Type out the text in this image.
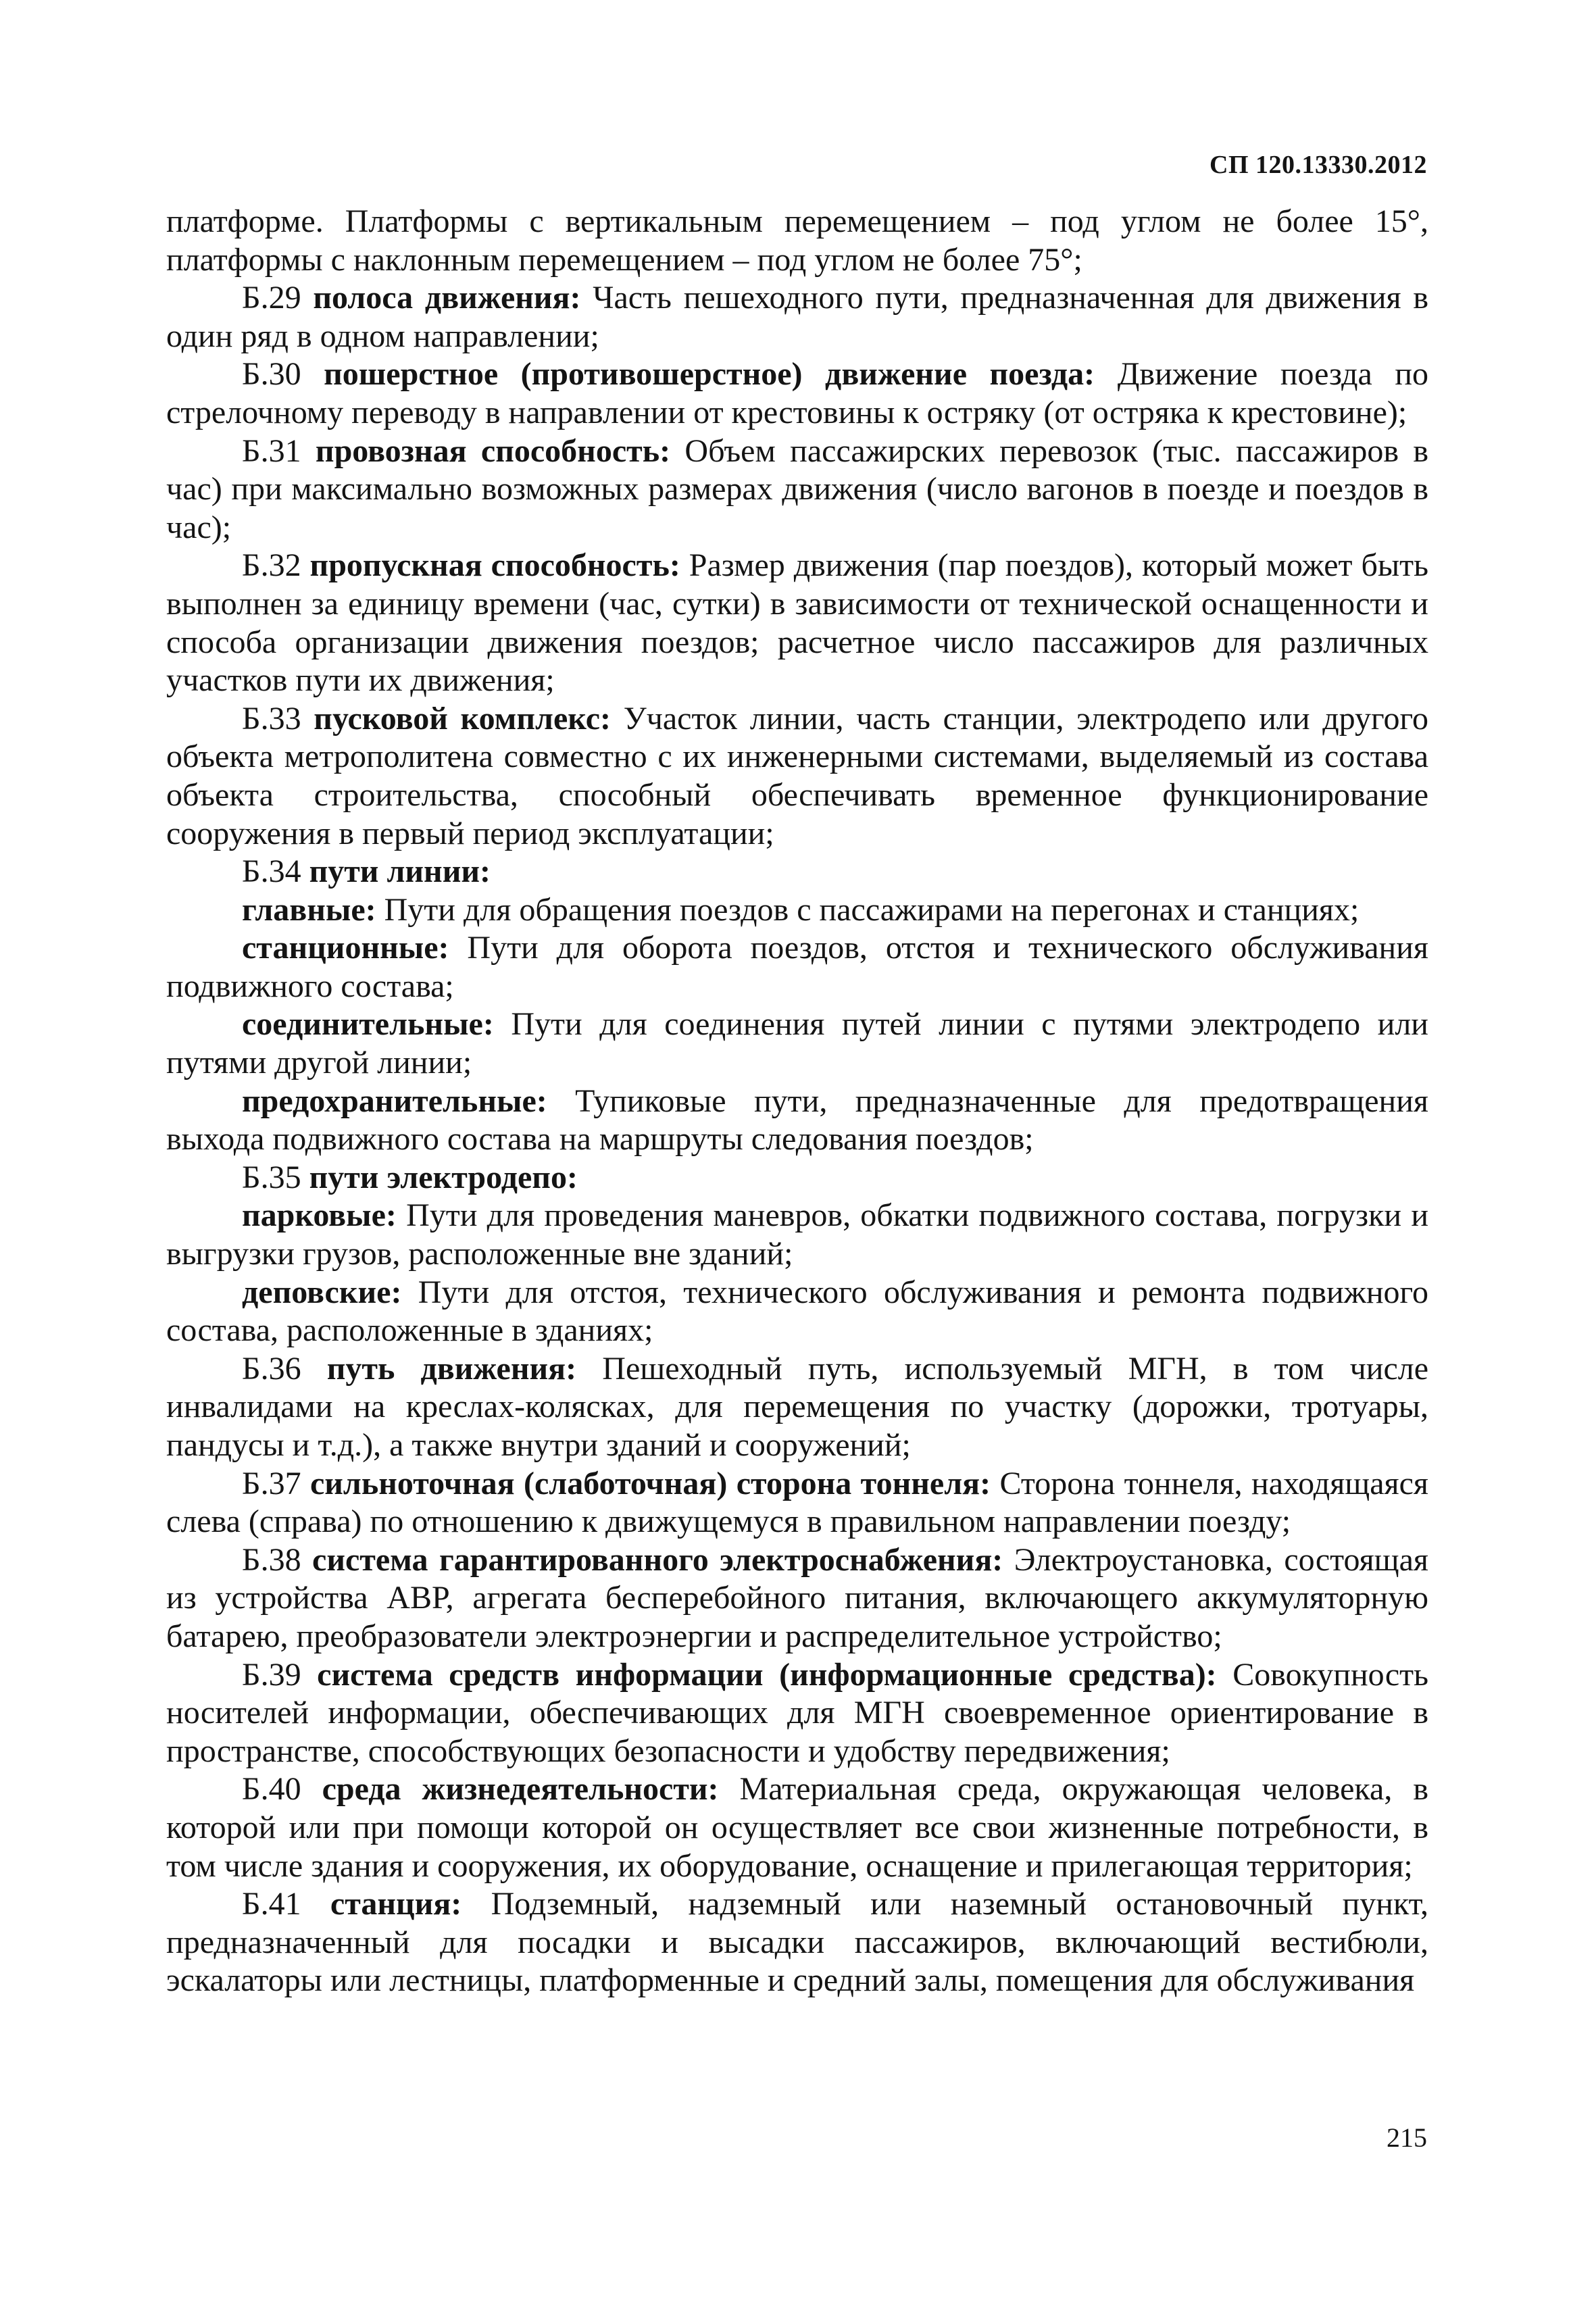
СП 120.13330.2012

платформе. Платформы с вертикальным перемещением – под углом не более 15°, платформы с наклонным перемещением – под углом не более 75°;

Б.29 полоса движения: Часть пешеходного пути, предназначенная для движения в один ряд в одном направлении;

Б.30 пошерстное (противошерстное) движение поезда: Движение поезда по стрелочному переводу в направлении от крестовины к остряку (от остряка к крестовине);

Б.31 провозная способность: Объем пассажирских перевозок (тыс. пассажиров в час) при максимально возможных размерах движения (число вагонов в поезде и поездов в час);

Б.32 пропускная способность: Размер движения (пар поездов), который может быть выполнен за единицу времени (час, сутки) в зависимости от технической оснащенности и способа организации движения поездов; расчетное число пассажиров для различных участков пути их движения;

Б.33 пусковой комплекс: Участок линии, часть станции, электродепо или другого объекта метрополитена совместно с их инженерными системами, выделяемый из состава объекта строительства, способный обеспечивать временное функционирование сооружения в первый период эксплуатации;

Б.34 пути линии:

главные: Пути для обращения поездов с пассажирами на перегонах и станциях;

станционные: Пути для оборота поездов, отстоя и технического обслуживания подвижного состава;

соединительные: Пути для соединения путей линии с путями электродепо или путями другой линии;

предохранительные: Тупиковые пути, предназначенные для предотвращения выхода подвижного состава на маршруты следования поездов;

Б.35 пути электродепо:

парковые: Пути для проведения маневров, обкатки подвижного состава, погрузки и выгрузки грузов, расположенные вне зданий;

деповские: Пути для отстоя, технического обслуживания и ремонта подвижного состава, расположенные в зданиях;

Б.36 путь движения: Пешеходный путь, используемый МГН, в том числе инвалидами на креслах-колясках, для перемещения по участку (дорожки, тротуары, пандусы и т.д.), а также внутри зданий и сооружений;

Б.37 сильноточная (слаботочная) сторона тоннеля: Сторона тоннеля, находящаяся слева (справа) по отношению к движущемуся в правильном направлении поезду;

Б.38 система гарантированного электроснабжения: Электроустановка, состоящая из устройства АВР, агрегата бесперебойного питания, включающего аккумуляторную батарею, преобразователи электроэнергии и распределительное устройство;

Б.39 система средств информации (информационные средства): Совокупность носителей информации, обеспечивающих для МГН своевременное ориентирование в пространстве, способствующих безопасности и удобству передвижения;

Б.40 среда жизнедеятельности: Материальная среда, окружающая человека, в которой или при помощи которой он осуществляет все свои жизненные потребности, в том числе здания и сооружения, их оборудование, оснащение и прилегающая территория;

Б.41 станция: Подземный, надземный или наземный остановочный пункт, предназначенный для посадки и высадки пассажиров, включающий вестибюли, эскалаторы или лестницы, платформенные и средний залы, помещения для обслуживания

215
